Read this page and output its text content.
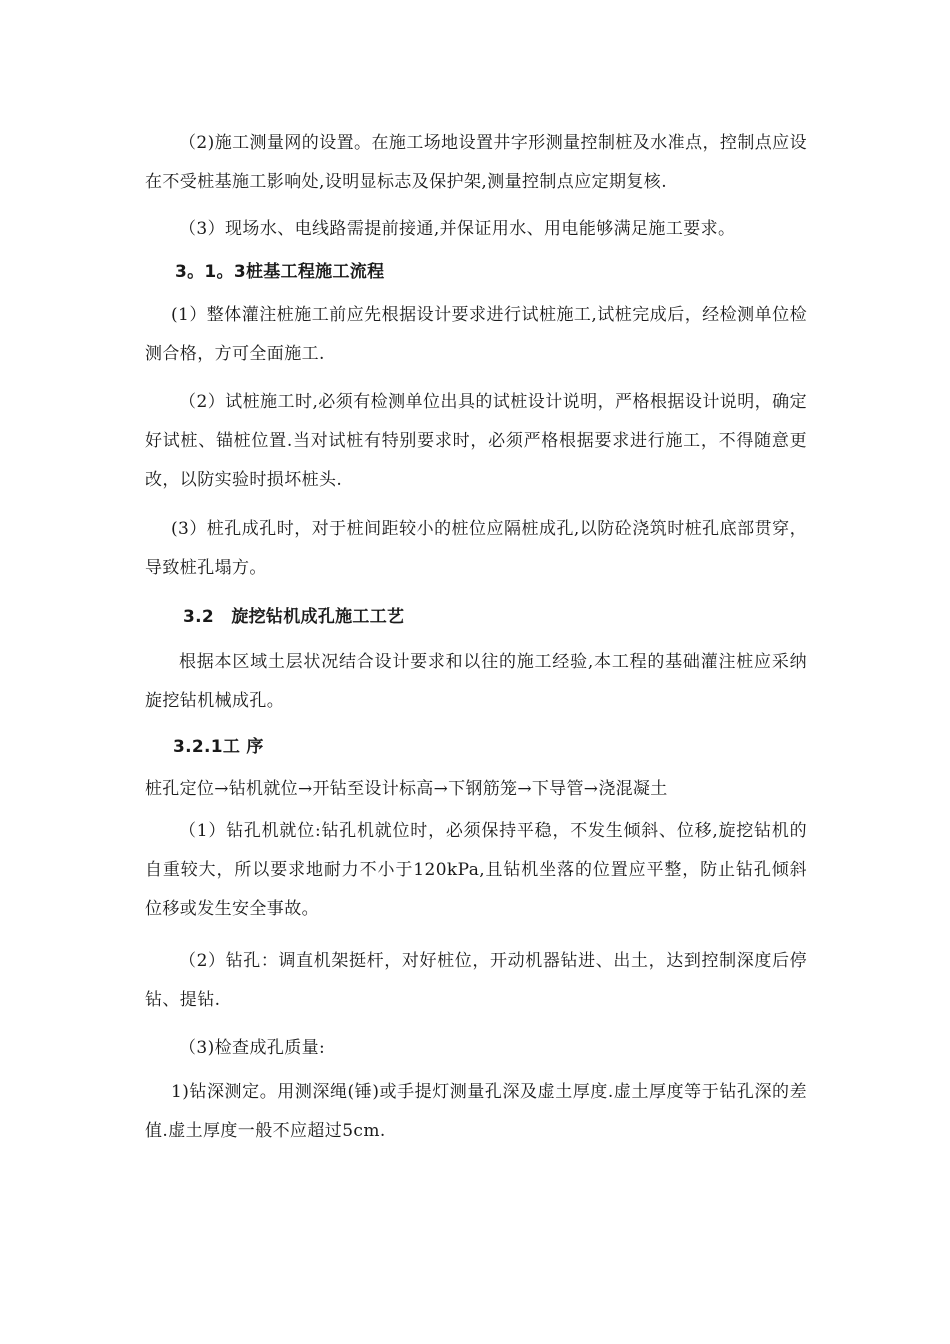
（2)施工测量网的设置。在施工场地设置井字形测量控制桩及水准点，控制点应设在不受桩基施工影响处,设明显标志及保护架,测量控制点应定期复核.
（3）现场水、电线路需提前接通,并保证用水、用电能够满足施工要求。
3。1。3桩基工程施工流程
(1）整体灌注桩施工前应先根据设计要求进行试桩施工,试桩完成后，经检测单位检测合格，方可全面施工.
（2）试桩施工时,必须有检测单位出具的试桩设计说明，严格根据设计说明，确定好试桩、锚桩位置.当对试桩有特别要求时，必须严格根据要求进行施工，不得随意更改，以防实验时损坏桩头.
(3）桩孔成孔时，对于桩间距较小的桩位应隔桩成孔,以防砼浇筑时桩孔底部贯穿，导致桩孔塌方。
3.2　旋挖钻机成孔施工工艺
根据本区域土层状况结合设计要求和以往的施工经验,本工程的基础灌注桩应采纳旋挖钻机械成孔。
3.2.1工 序
桩孔定位→钻机就位→开钻至设计标高→下钢筋笼→下导管→浇混凝土
（1）钻孔机就位:钻孔机就位时，必须保持平稳，不发生倾斜、位移,旋挖钻机的自重较大，所以要求地耐力不小于120kPa,且钻机坐落的位置应平整，防止钻孔倾斜位移或发生安全事故。
（2）钻孔：调直机架挺杆，对好桩位，开动机器钻进、出土，达到控制深度后停钻、提钻.
（3)检查成孔质量:
1)钻深测定。用测深绳(锤)或手提灯测量孔深及虚土厚度.虚土厚度等于钻孔深的差值.虚土厚度一般不应超过5cm.
